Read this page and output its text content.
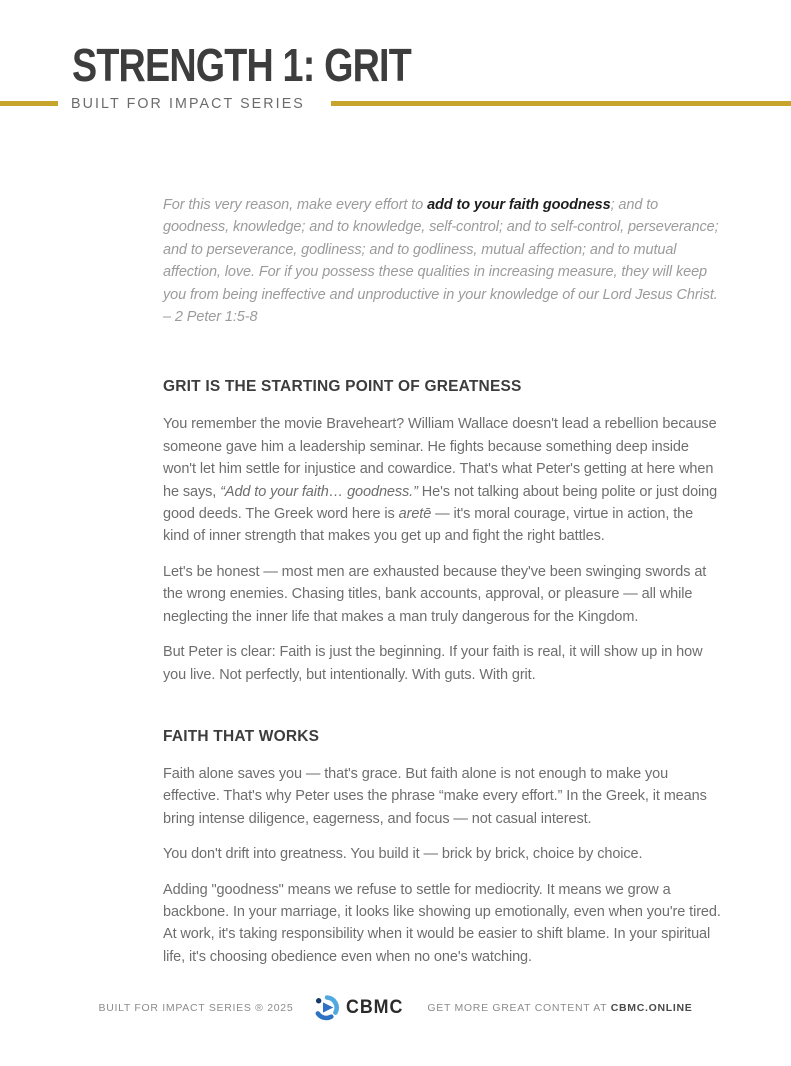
STRENGTH 1: GRIT
BUILT FOR IMPACT SERIES
For this very reason, make every effort to add to your faith goodness; and to goodness, knowledge; and to knowledge, self-control; and to self-control, perseverance; and to perseverance, godliness; and to godliness, mutual affection; and to mutual affection, love. For if you possess these qualities in increasing measure, they will keep you from being ineffective and unproductive in your knowledge of our Lord Jesus Christ. – 2 Peter 1:5-8
GRIT IS THE STARTING POINT OF GREATNESS

You remember the movie Braveheart? William Wallace doesn't lead a rebellion because someone gave him a leadership seminar. He fights because something deep inside won't let him settle for injustice and cowardice. That's what Peter's getting at here when he says, “Add to your faith… goodness.” He's not talking about being polite or just doing good deeds. The Greek word here is aretē — it's moral courage, virtue in action, the kind of inner strength that makes you get up and fight the right battles.

Let's be honest — most men are exhausted because they've been swinging swords at the wrong enemies. Chasing titles, bank accounts, approval, or pleasure — all while neglecting the inner life that makes a man truly dangerous for the Kingdom.

But Peter is clear: Faith is just the beginning. If your faith is real, it will show up in how you live. Not perfectly, but intentionally. With guts. With grit.

FAITH THAT WORKS

Faith alone saves you — that's grace. But faith alone is not enough to make you effective. That's why Peter uses the phrase “make every effort.” In the Greek, it means bring intense diligence, eagerness, and focus — not casual interest.

You don't drift into greatness. You build it — brick by brick, choice by choice.

Adding "goodness" means we refuse to settle for mediocrity. It means we grow a backbone. In your marriage, it looks like showing up emotionally, even when you're tired. At work, it's taking responsibility when it would be easier to shift blame. In your spiritual life, it's choosing obedience even when no one's watching.

BUILT FOR IMPACT SERIES ® 2025	CBMC GET MORE GREAT CONTENT AT CBMC.ONLINE
